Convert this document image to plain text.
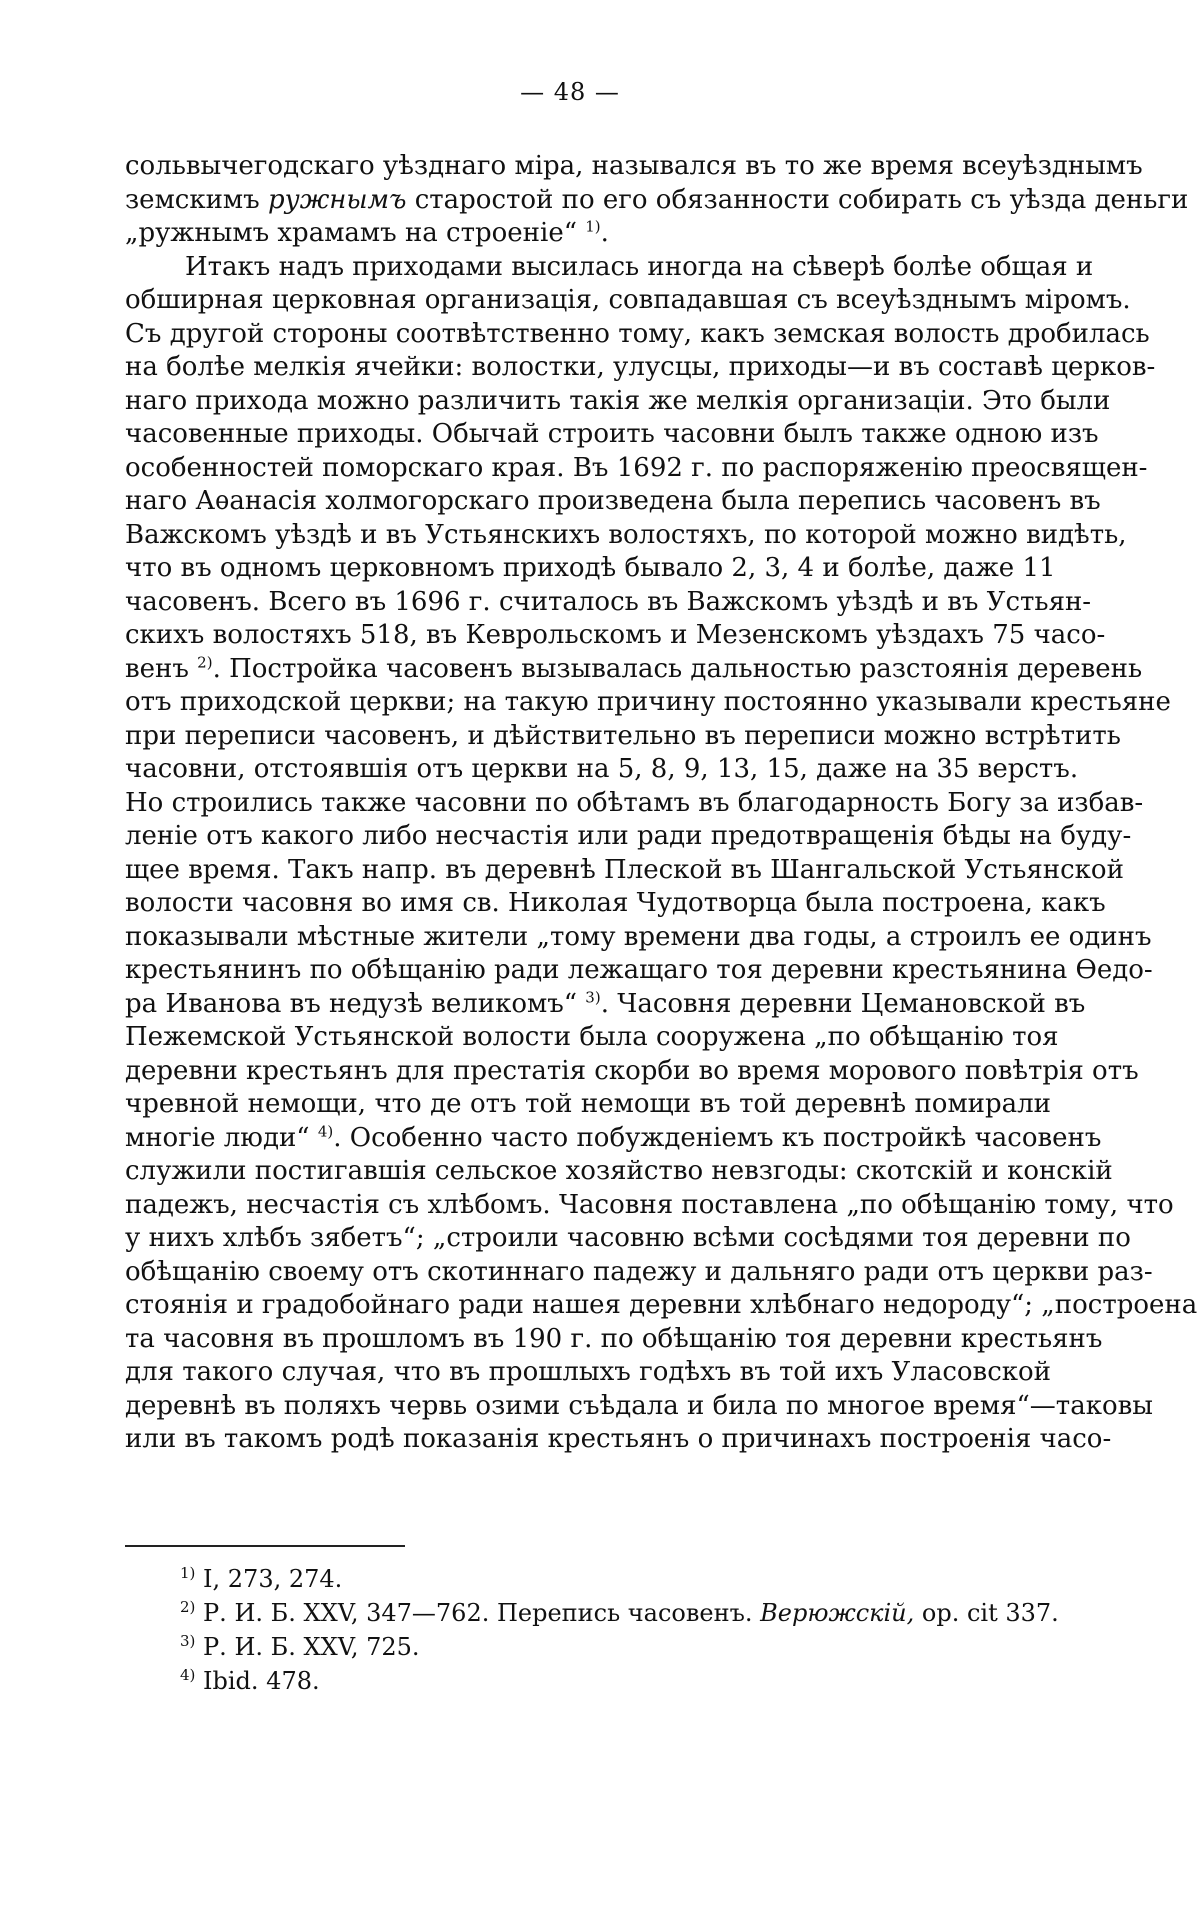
— 48 —
сольвычегодскаго уѣзднаго міра, назывался въ то же время всеуѣзднымъ
земскимъ ружнымъ старостой по его обязанности собирать съ уѣзда деньги
„ружнымъ храмамъ на строеніе“ $^{1)}$.
Итакъ надъ приходами высилась иногда на сѣверѣ болѣе общая и
обширная церковная организація, совпадавшая съ всеуѣзднымъ міромъ.
Съ другой стороны соотвѣтственно тому, какъ земская волость дробилась
на болѣе мелкія ячейки: волостки, улусцы, приходы—и въ составѣ церков-
наго прихода можно различить такія же мелкія организаціи. Это были
часовенные приходы. Обычай строить часовни былъ также одною изъ
особенностей поморскаго края. Въ 1692 г. по распоряженію преосвящен-
наго Аѳанасія холмогорскаго произведена была перепись часовенъ въ
Важскомъ уѣздѣ и въ Устьянскихъ волостяхъ, по которой можно видѣть,
что въ одномъ церковномъ приходѣ бывало 2, 3, 4 и болѣе, даже 11
часовенъ. Всего въ 1696 г. считалось въ Важскомъ уѣздѣ и въ Устьян-
скихъ волостяхъ 518, въ Кеврольскомъ и Мезенскомъ уѣздахъ 75 часо-
венъ $^{2)}$. Постройка часовенъ вызывалась дальностью разстоянія деревень
отъ приходской церкви; на такую причину постоянно указывали крестьяне
при переписи часовенъ, и дѣйствительно въ переписи можно встрѣтить
часовни, отстоявшія отъ церкви на 5, 8, 9, 13, 15, даже на 35 верстъ.
Но строились также часовни по обѣтамъ въ благодарность Богу за избав-
леніе отъ какого либо несчастія или ради предотвращенія бѣды на буду-
щее время. Такъ напр. въ деревнѣ Плеской въ Шангальской Устьянской
волости часовня во имя св. Николая Чудотворца была построена, какъ
показывали мѣстные жители „тому времени два годы, а строилъ ее одинъ
крестьянинъ по обѣщанію ради лежащаго тоя деревни крестьянина Ѳедо-
ра Иванова въ недузѣ великомъ“ $^{3)}$. Часовня деревни Цемановской въ
Пежемской Устьянской волости была сооружена „по обѣщанію тоя
деревни крестьянъ для престатія скорби во время морового повѣтрія отъ
чревной немощи, что де отъ той немощи въ той деревнѣ помирали
многіе люди“ $^{4)}$. Особенно часто побужденіемъ къ постройкѣ часовенъ
служили постигавшія сельское хозяйство невзгоды: скотскій и конскій
падежъ, несчастія съ хлѣбомъ. Часовня поставлена „по обѣщанію тому, что
у нихъ хлѣбъ зябетъ“; „строили часовню всѣми сосѣдями тоя деревни по
обѣщанію своему отъ скотиннаго падежу и дальняго ради отъ церкви раз-
стоянія и градобойнаго ради нашея деревни хлѣбнаго недороду“; „построена
та часовня въ прошломъ въ 190 г. по обѣщанію тоя деревни крестьянъ
для такого случая, что въ прошлыхъ годѣхъ въ той ихъ Уласовской
деревнѣ въ поляхъ червь озими съѣдала и била по многое время“—таковы
или въ такомъ родѣ показанія крестьянъ о причинахъ построенія часо-
$^{1)}$ I, 273, 274.
$^{2)}$ Р. И. Б. XXV, 347—762. Перепись часовенъ. Верюжскій, op. cit 337.
$^{3)}$ Р. И. Б. XXV, 725.
$^{4)}$ Ibid. 478.
